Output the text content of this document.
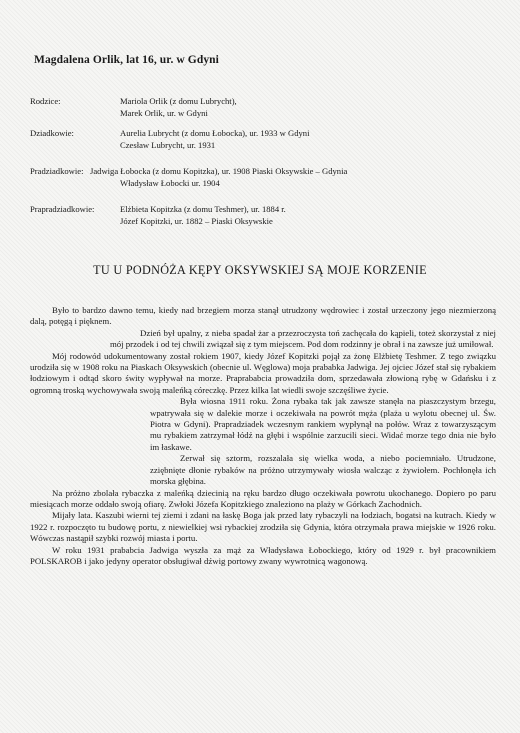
Magdalena Orlik, lat 16, ur. w Gdyni
Rodzice:	Mariola Orlik (z domu Lubrycht),
Marek Orlik, ur. w Gdyni
Dziadkowie:	Aurelia Lubrycht (z domu Łobocka), ur. 1933 w Gdyni
Czesław Lubrycht, ur. 1931
Pradziadkowie: Jadwiga Łobocka (z domu Kopitzka), ur. 1908 Piaski Oksywskie – Gdynia
Władysław Łobocki ur. 1904
Prapradziadkowie:	Elżbieta Kopitzka (z domu Teshmer), ur. 1884 r.
Józef Kopitzki, ur. 1882 – Piaski Oksywskie
TU U PODNÓŻA KĘPY OKSYWSKIEJ SĄ MOJE KORZENIE

Było to bardzo dawno temu, kiedy nad brzegiem morza stanął utrudzony wędrowiec i został urzeczony jego niezmierzoną dalą, potęgą i pięknem.

Dzień był upalny, z nieba spadał żar a przezroczysta toń zachęcała do kąpieli, toteż skorzystał z niej mój przodek i od tej chwili związał się z tym miejscem. Pod dom rodzinny je obrał i na zawsze już umiłował.

Mój rodowód udokumentowany został rokiem 1907, kiedy Józef Kopitzki pojął za żonę Elżbietę Teshmer. Z tego związku urodziła się w 1908 roku na Piaskach Oksywskich (obecnie ul. Węglowa) moja prababka Jadwiga. Jej ojciec Józef stał się rybakiem łodziowym i odtąd skoro świty wypływał na morze. Praprababcia prowadziła dom, sprzedawała złowioną rybę w Gdańsku i z ogromną troską wychowywała swoją maleńką córeczkę. Przez kilka lat wiedli swoje szczęśliwe życie.

Była wiosna 1911 roku. Żona rybaka tak jak zawsze stanęła na piaszczystym brzegu, wpatrywała się w dalekie morze i oczekiwała na powrót męża (plaża u wylotu obecnej ul. Św. Piotra w Gdyni). Prapradziadek wczesnym rankiem wypłynął na połów. Wraz z towarzyszącym mu rybakiem zatrzymał łódź na głębi i wspólnie zarzucili sieci. Widać morze tego dnia nie było im łaskawe.

Zerwał się sztorm, rozszalała się wielka woda, a niebo pociemniało. Utrudzone, zziębnięte dłonie rybaków na próżno utrzymywały wiosła walcząc z żywiołem. Pochłonęła ich morska głębina.

Na próżno zbolała rybaczka z maleńką dziecinią na ręku bardzo długo oczekiwała powrotu ukochanego. Dopiero po paru miesiącach morze oddało swoją ofiarę. Zwłoki Józefa Kopitzkiego znaleziono na plaży w Górkach Zachodnich.

Mijały lata. Kaszubi wierni tej ziemi i zdani na łaskę Boga jak przed laty rybaczyli na łodziach, bogatsi na kutrach. Kiedy w 1922 r. rozpoczęto tu budowę portu, z niewielkiej wsi rybackiej zrodziła się Gdynia, która otrzymała prawa miejskie w 1926 roku. Wówczas nastąpił szybki rozwój miasta i portu.

W roku 1931 prababcia Jadwiga wyszła za mąż za Władysława Łobockiego, który od 1929 r. był pracownikiem POLSKAROB i jako jedyny operator obsługiwał dźwig portowy zwany wywrotnicą wagonową.
